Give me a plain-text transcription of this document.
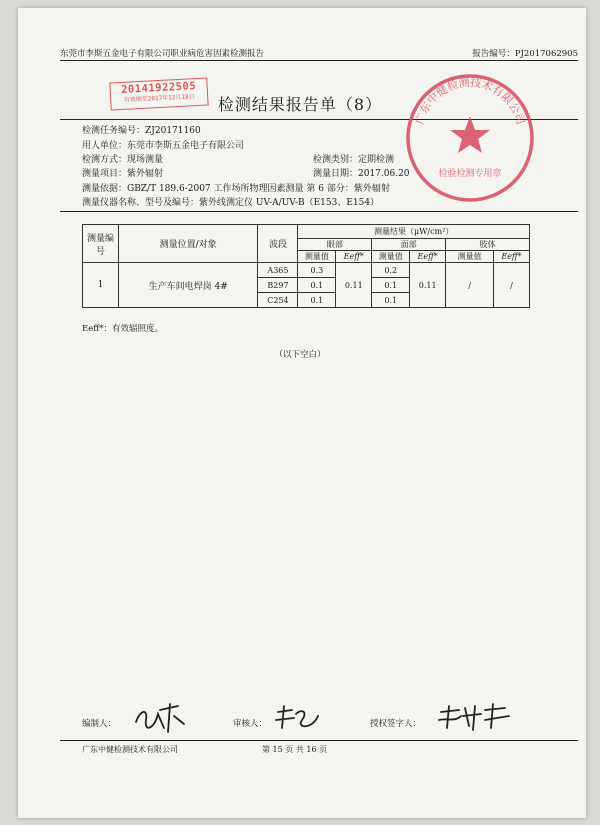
东莞市李斯五金电子有限公司职业病危害因素检测报告	报告编号：PJ2017062905
20141922505
有效期至2017年12月18日	检测结果报告单（8）
检测任务编号：ZJ20171160
用人单位：东莞市李斯五金电子有限公司
检测方式：现场测量	检测类别：定期检测
测量项目：紫外辐射	测量日期：2017.06.20
测量依据：GBZ/T 189.6-2007 工作场所物理因素测量 第 6 部分：紫外辐射
测量仪器名称、型号及编号：紫外线测定仪 UV-A/UV-B（E153、E154）
广东中健检测技术有限公司
检验检测专用章
测量编号	测量位置/对象	波段	测量结果（μW/cm²）					
			眼部		面部		肢体	
			测量值	Eeff*	测量值	Eeff*	测量值	Eeff*
1	生产车间电焊岗 4#	A365	0.3	0.11	0.2	0.11	/	/
		B297	0.1		0.1			
		C254	0.1		0.1			
Eeff*：有效辐照度。
（以下空白）
编制人：	审核人：	授权签字人：
广东中健检测技术有限公司	第 15 页 共 16 页
